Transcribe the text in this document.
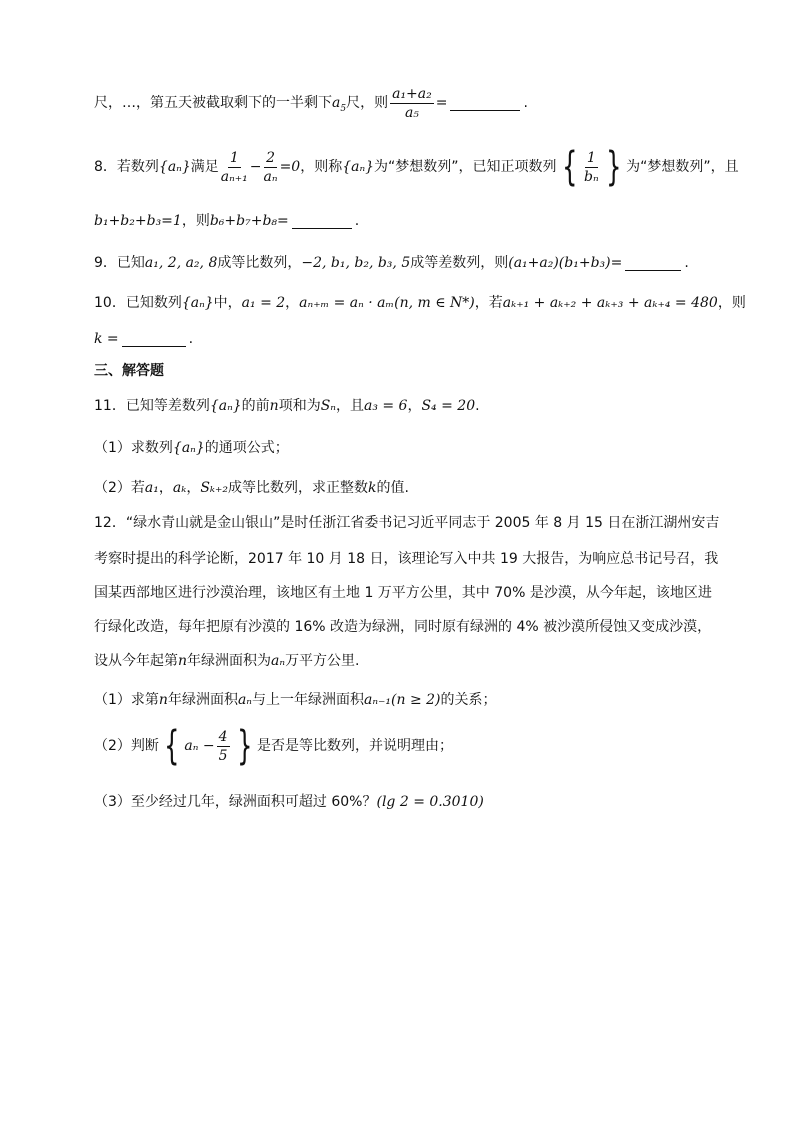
尺，…，第五天被截取剩下的一半剩下 $a_5$ 尺，则 $\frac{\text{a₁+a₂}}{\text{a₅}}$ =	.
8．若数列 {aₙ} 满足 $\frac{1}{\text{aₙ₊₁}} - \frac{2}{\text{aₙ}} =0$ ，则称 {aₙ} 为“梦想数列”，已知正项数列 { $\frac{1}{\text{bₙ}}$ } 为“梦想数列”，且
b₁+b₂+b₃=1 ，则 b₆+b₇+b₈=	.
9．已知 a₁, 2, a₂, 8 成等比数列， −2, b₁, b₂, b₃, 5 成等差数列，则 (a₁+a₂)(b₁+b₃)=	.
10．已知数列 {aₙ} 中， a₁ = 2 ， aₙ₊ₘ = aₙ · aₘ (n, m ∈ N*) ，若 aₖ₊₁ + aₖ₊₂ + aₖ₊₃ + aₖ₊₄ = 480 ，则
k =	.
三、解答题
11．已知等差数列 {aₙ} 的前 n 项和为 Sₙ ，且 a₃ = 6 ， S₄ = 20 .
（1）求数列 {aₙ} 的通项公式；
（2）若 a₁ ， aₖ ， Sₖ₊₂ 成等比数列，求正整数 k 的值.
12．“绿水青山就是金山银山”是时任浙江省委书记习近平同志于 2005 年 8 月 15 日在浙江湖州安吉
考察时提出的科学论断，2017 年 10 月 18 日，该理论写入中共 19 大报告，为响应总书记号召，我
国某西部地区进行沙漠治理，该地区有土地 1 万平方公里，其中 70% 是沙漠，从今年起，该地区进
行绿化改造，每年把原有沙漠的 16% 改造为绿洲，同时原有绿洲的 4% 被沙漠所侵蚀又变成沙漠，
设从今年起第 n 年绿洲面积为 aₙ 万平方公里.
（1）求第 n 年绿洲面积 aₙ 与上一年绿洲面积 aₙ₋₁ (n ≥ 2) 的关系；
（2）判断 { $a_n - \frac{4}{5}$ } 是否是等比数列，并说明理由；
（3）至少经过几年，绿洲面积可超过 60%？ (lg 2 = 0.3010)
